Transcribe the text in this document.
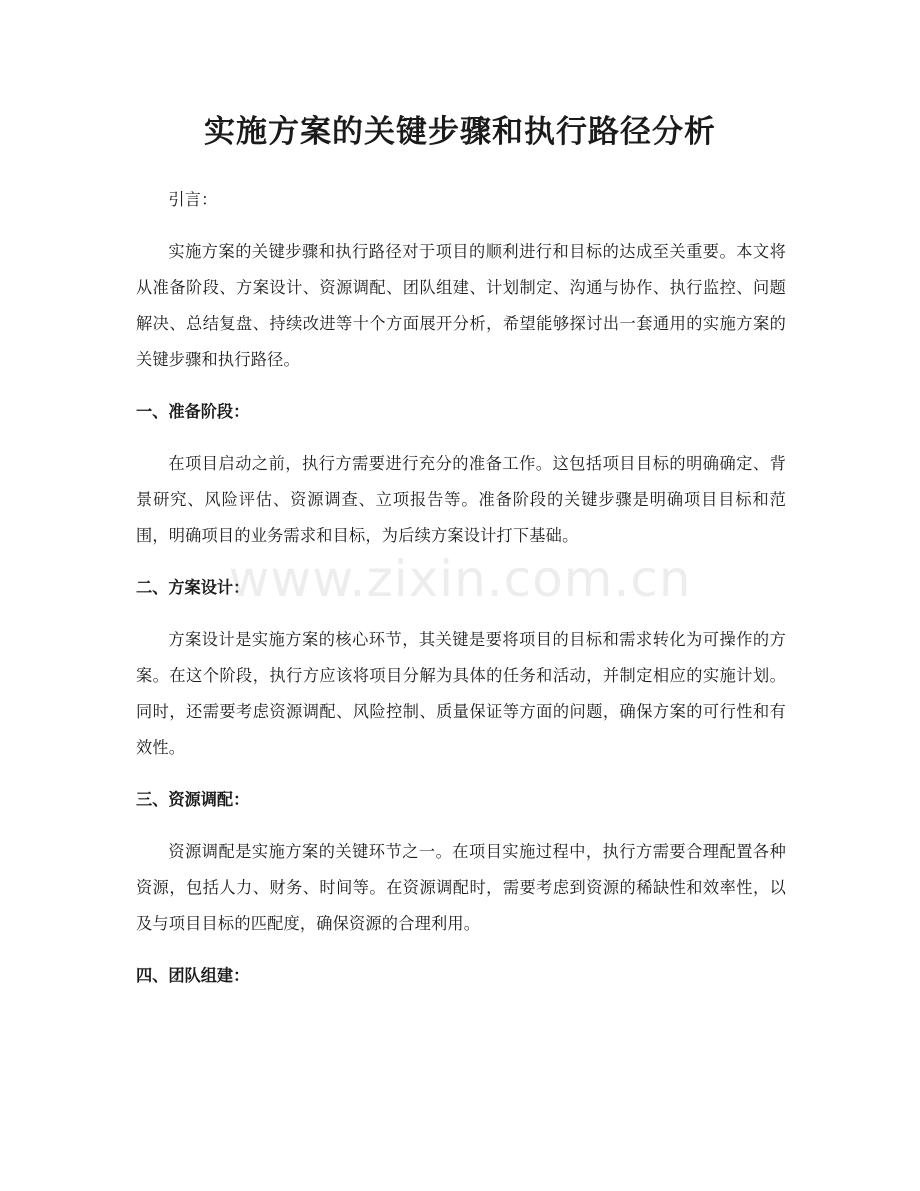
实施方案的关键步骤和执行路径分析

引言：

实施方案的关键步骤和执行路径对于项目的顺利进行和目标的达成至关重要。本文将从准备阶段、方案设计、资源调配、团队组建、计划制定、沟通与协作、执行监控、问题解决、总结复盘、持续改进等十个方面展开分析，希望能够探讨出一套通用的实施方案的关键步骤和执行路径。

一、准备阶段：

在项目启动之前，执行方需要进行充分的准备工作。这包括项目目标的明确确定、背景研究、风险评估、资源调查、立项报告等。准备阶段的关键步骤是明确项目目标和范围，明确项目的业务需求和目标，为后续方案设计打下基础。

二、方案设计：

方案设计是实施方案的核心环节，其关键是要将项目的目标和需求转化为可操作的方案。在这个阶段，执行方应该将项目分解为具体的任务和活动，并制定相应的实施计划。同时，还需要考虑资源调配、风险控制、质量保证等方面的问题，确保方案的可行性和有效性。

三、资源调配：

资源调配是实施方案的关键环节之一。在项目实施过程中，执行方需要合理配置各种资源，包括人力、财务、时间等。在资源调配时，需要考虑到资源的稀缺性和效率性，以及与项目目标的匹配度，确保资源的合理利用。

四、团队组建：
www.zixin.com.cn
